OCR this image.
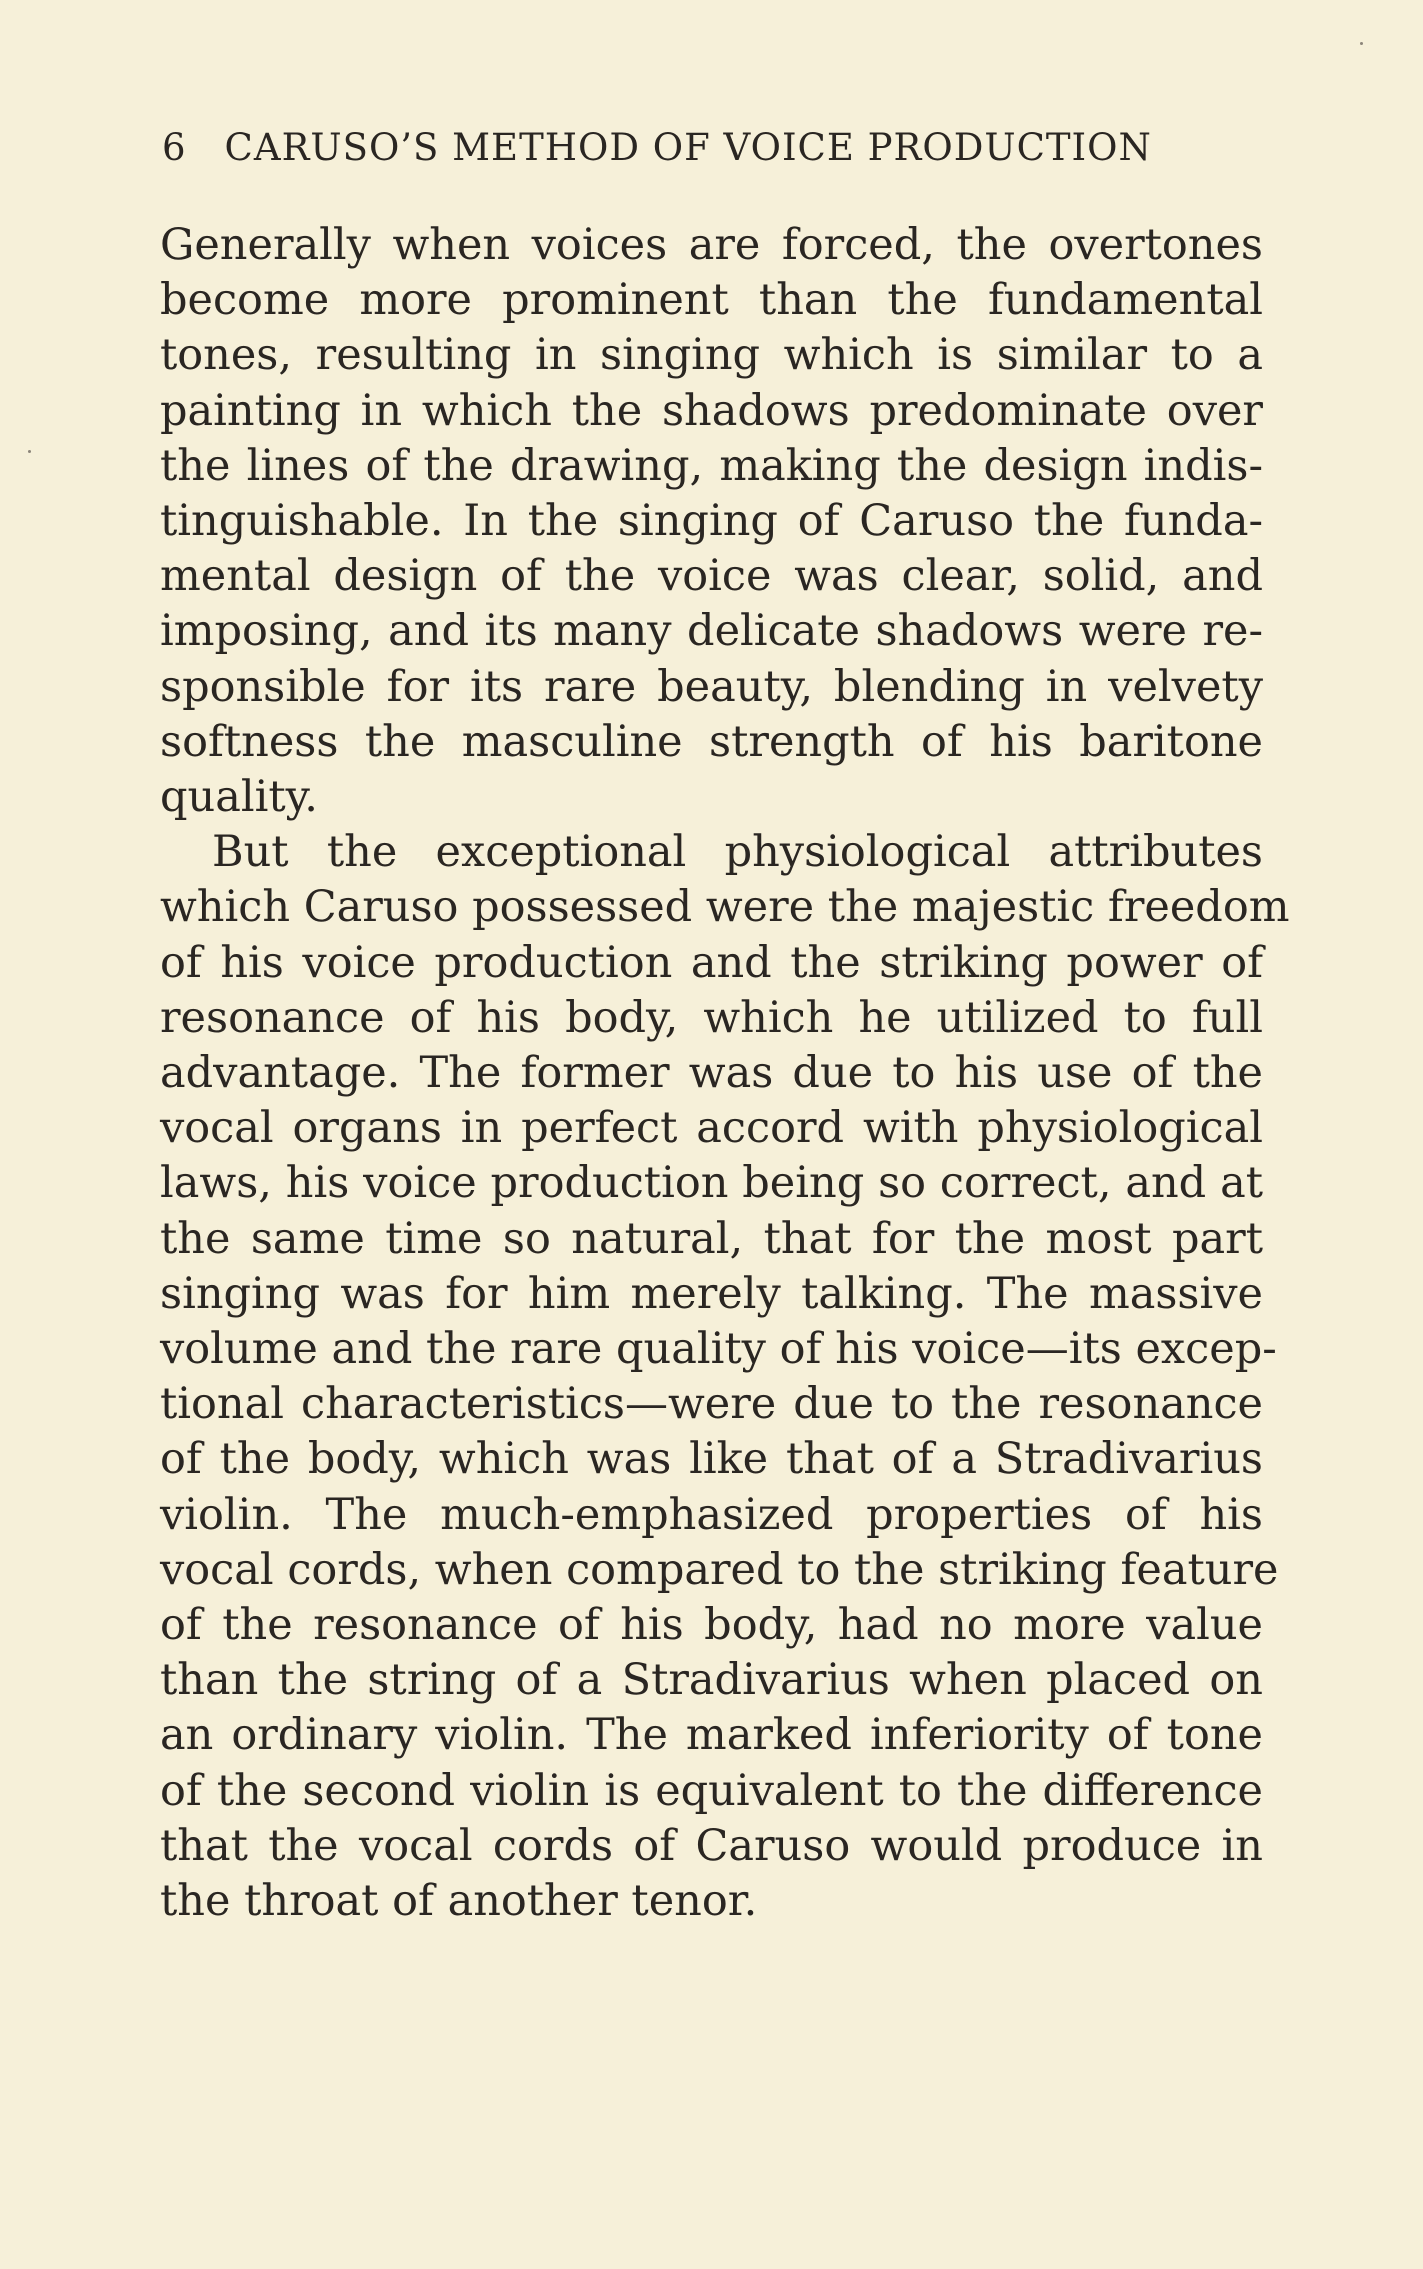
6 CARUSO’S METHOD OF VOICE PRODUCTION
Generally when voices are forced, the overtones
become more prominent than the fundamental
tones, resulting in singing which is similar to a
painting in which the shadows predominate over
the lines of the drawing, making the design indis-
tinguishable. In the singing of Caruso the funda-
mental design of the voice was clear, solid, and
imposing, and its many delicate shadows were re-
sponsible for its rare beauty, blending in velvety
softness the masculine strength of his baritone
quality.
But the exceptional physiological attributes
which Caruso possessed were the majestic freedom
of his voice production and the striking power of
resonance of his body, which he utilized to full
advantage. The former was due to his use of the
vocal organs in perfect accord with physiological
laws, his voice production being so correct, and at
the same time so natural, that for the most part
singing was for him merely talking. The massive
volume and the rare quality of his voice—its excep-
tional characteristics—were due to the resonance
of the body, which was like that of a Stradivarius
violin. The much-emphasized properties of his
vocal cords, when compared to the striking feature
of the resonance of his body, had no more value
than the string of a Stradivarius when placed on
an ordinary violin. The marked inferiority of tone
of the second violin is equivalent to the difference
that the vocal cords of Caruso would produce in
the throat of another tenor.
